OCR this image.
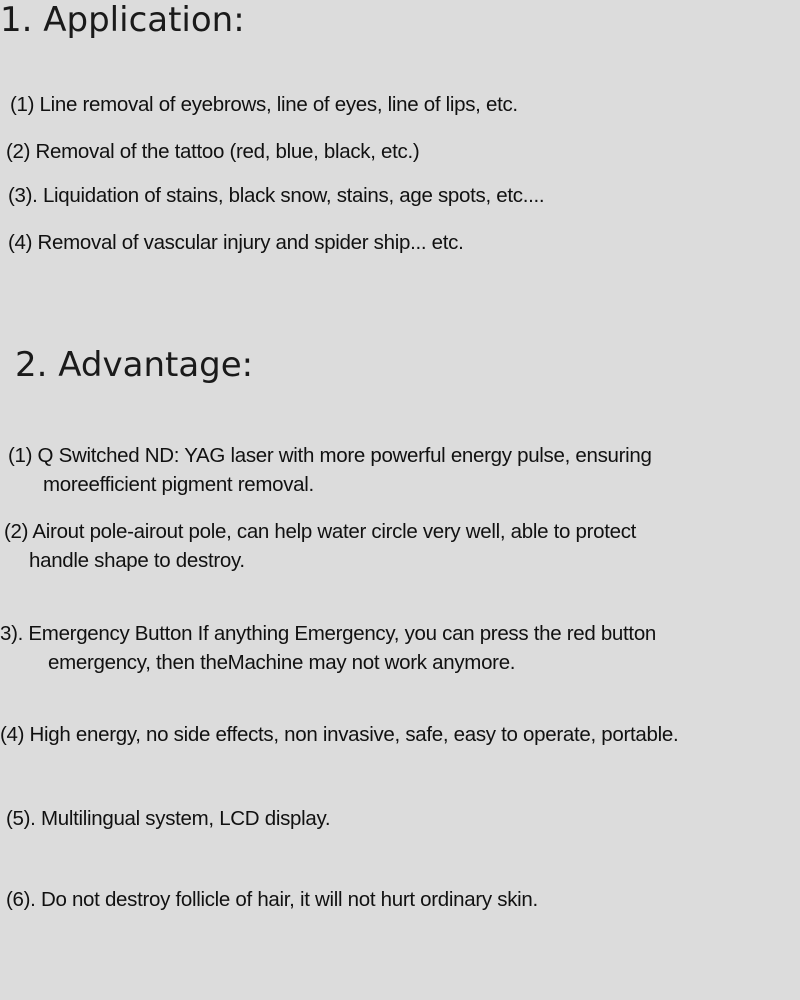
1. Application:
(1) Line removal of eyebrows, line of eyes, line of lips, etc.
(2) Removal of the tattoo (red, blue, black, etc.)
(3). Liquidation of stains, black snow, stains, age spots, etc....
(4) Removal of vascular injury and spider ship... etc.
2. Advantage:
(1) Q Switched ND: YAG laser with more powerful energy pulse, ensuring
moreefficient pigment removal.
(2) Airout pole-airout pole, can help water circle very well, able to protect
handle shape to destroy.
3). Emergency Button If anything Emergency, you can press the red button
emergency, then theMachine may not work anymore.
(4) High energy, no side effects, non invasive, safe, easy to operate, portable.
(5). Multilingual system, LCD display.
(6). Do not destroy follicle of hair, it will not hurt ordinary skin.
